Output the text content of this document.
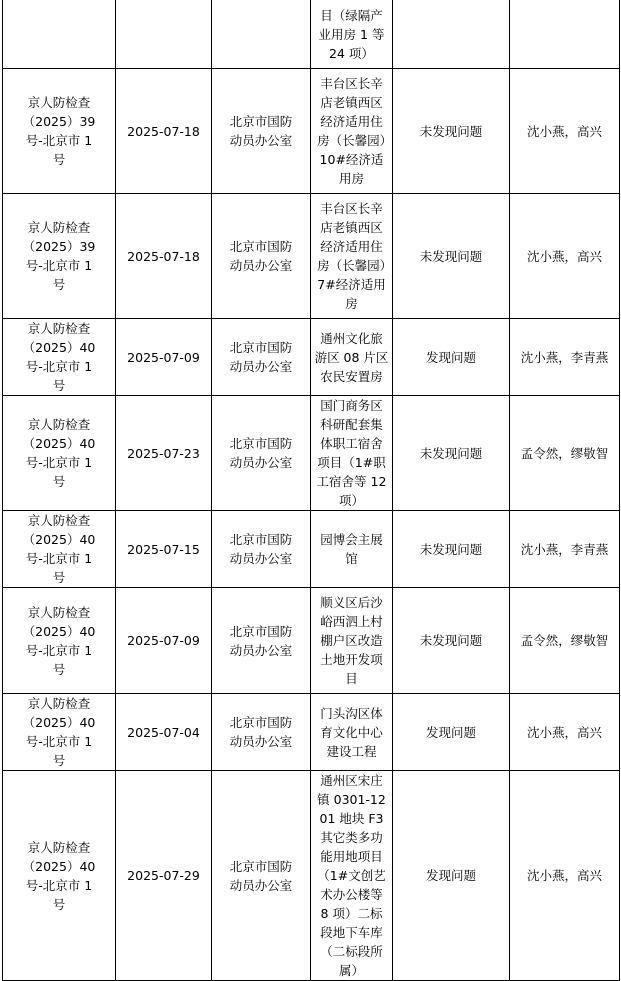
			目（绿隔产业用房 1 等 24 项）		

京人防检查（2025）39 号-北京市 1 号	2025-07-18	北京市国防动员办公室	丰台区长辛店老镇西区经济适用住房（长馨园）10#经济适用房	未发现问题	沈小燕，高兴

京人防检查（2025）39 号-北京市 1 号	2025-07-18	北京市国防动员办公室	丰台区长辛店老镇西区经济适用住房（长馨园）7#经济适用房	未发现问题	沈小燕，高兴

京人防检查（2025）40 号-北京市 1 号	2025-07-09	北京市国防动员办公室	通州文化旅游区 08 片区农民安置房	发现问题	沈小燕，李青燕

京人防检查（2025）40 号-北京市 1 号	2025-07-23	北京市国防动员办公室	国门商务区科研配套集体职工宿舍项目（1#职工宿舍等 12 项）	未发现问题	孟令然，缪敬智

京人防检查（2025）40 号-北京市 1 号	2025-07-15	北京市国防动员办公室	园博会主展馆	未发现问题	沈小燕，李青燕

京人防检查（2025）40 号-北京市 1 号	2025-07-09	北京市国防动员办公室	顺义区后沙峪西泗上村棚户区改造土地开发项目	未发现问题	孟令然，缪敬智

京人防检查（2025）40 号-北京市 1 号	2025-07-04	北京市国防动员办公室	门头沟区体育文化中心建设工程	发现问题	沈小燕，高兴

京人防检查（2025）40 号-北京市 1 号	2025-07-29	北京市国防动员办公室	通州区宋庄镇 0301-1201 地块 F3 其它类多功能用地项目（1#文创艺术办公楼等 8 项）二标段地下车库（二标段所属）	发现问题	沈小燕，高兴
